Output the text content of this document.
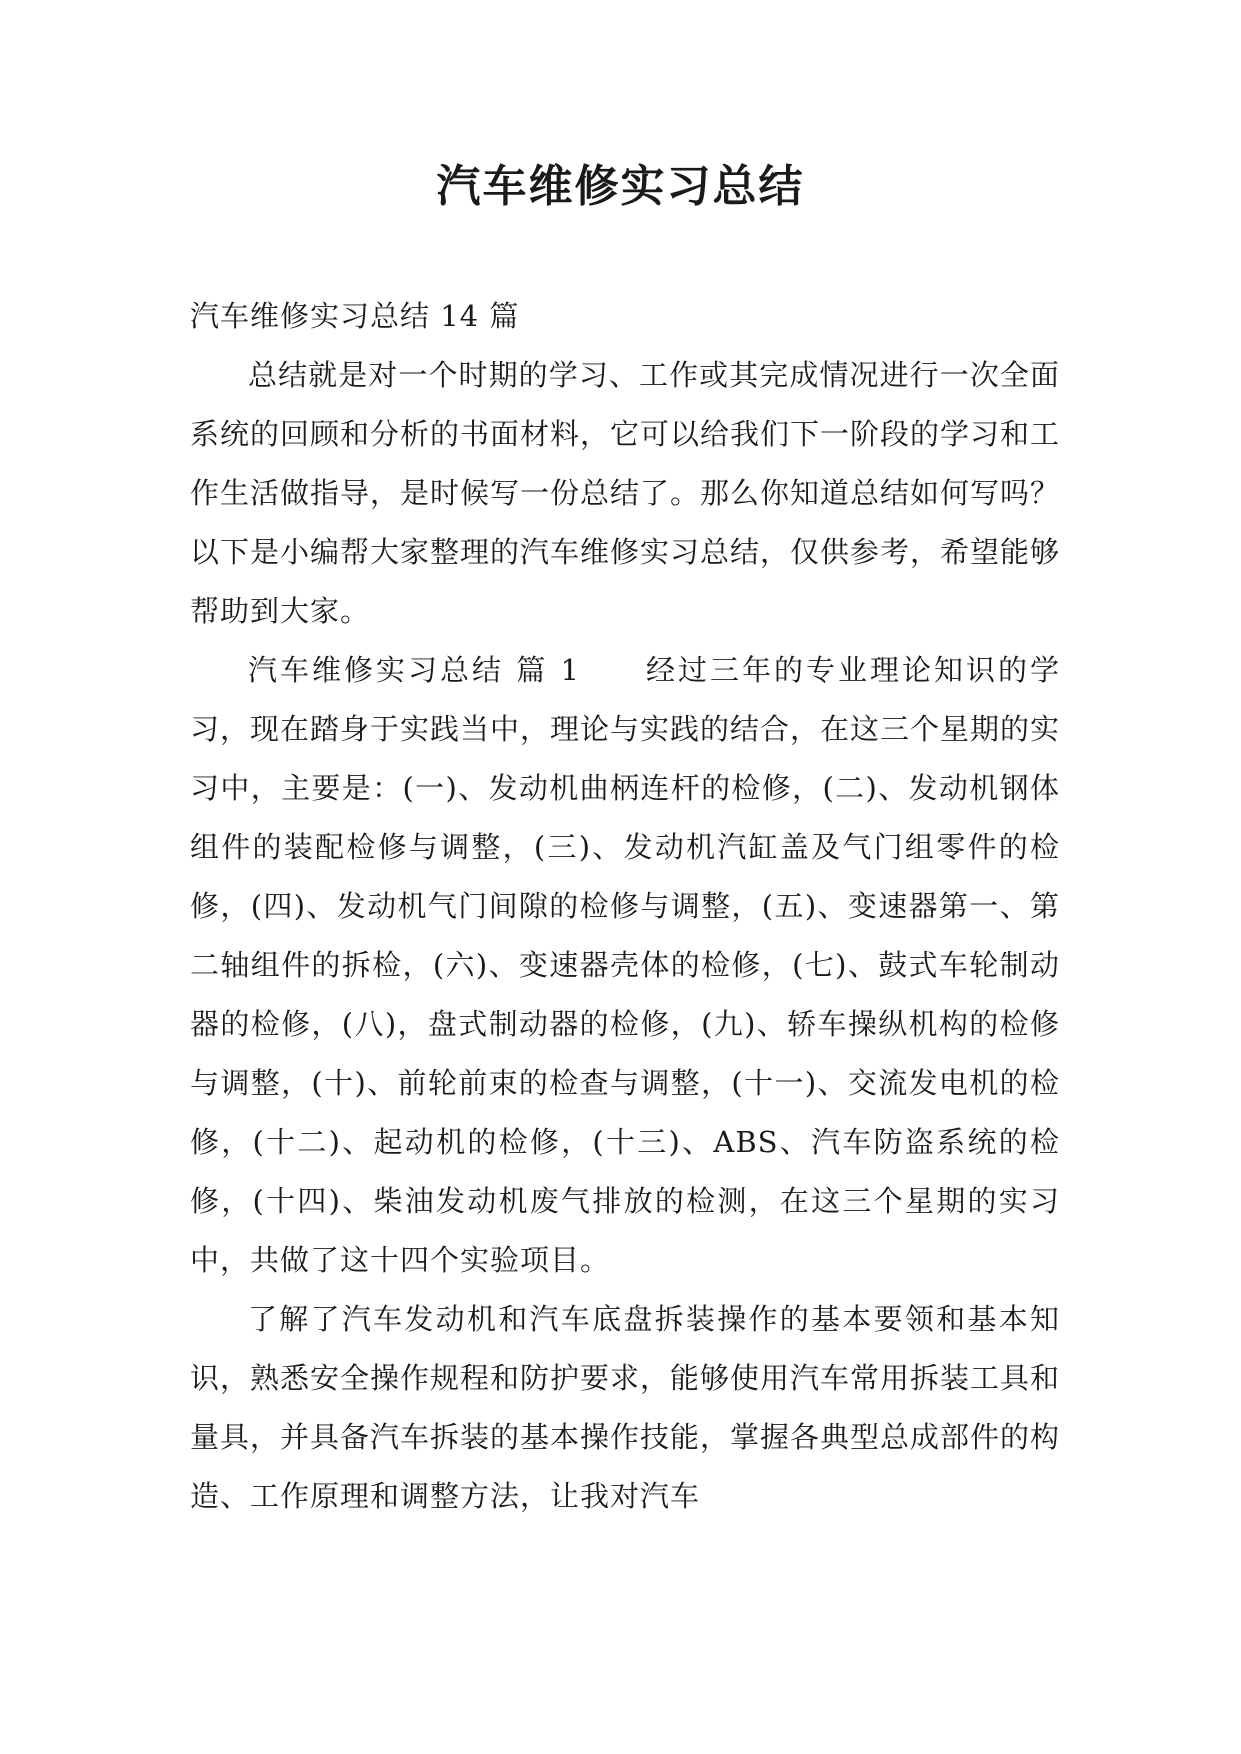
汽车维修实习总结

汽车维修实习总结 14 篇

总结就是对一个时期的学习、工作或其完成情况进行一次全面系统的回顾和分析的书面材料，它可以给我们下一阶段的学习和工作生活做指导，是时候写一份总结了。那么你知道总结如何写吗？以下是小编帮大家整理的汽车维修实习总结，仅供参考，希望能够帮助到大家。

汽车维修实习总结 篇 1　　经过三年的专业理论知识的学习，现在踏身于实践当中，理论与实践的结合，在这三个星期的实习中，主要是：(一)、发动机曲柄连杆的检修，(二)、发动机钢体组件的装配检修与调整，(三)、发动机汽缸盖及气门组零件的检修，(四)、发动机气门间隙的检修与调整，(五)、变速器第一、第二轴组件的拆检，(六)、变速器壳体的检修，(七)、鼓式车轮制动器的检修，(八)，盘式制动器的检修，(九)、轿车操纵机构的检修与调整，(十)、前轮前束的检查与调整，(十一)、交流发电机的检修，(十二)、起动机的检修，(十三)、ABS、汽车防盗系统的检修，(十四)、柴油发动机废气排放的检测，在这三个星期的实习中，共做了这十四个实验项目。

了解了汽车发动机和汽车底盘拆装操作的基本要领和基本知识，熟悉安全操作规程和防护要求，能够使用汽车常用拆装工具和量具，并具备汽车拆装的基本操作技能，掌握各典型总成部件的构造、工作原理和调整方法，让我对汽车
